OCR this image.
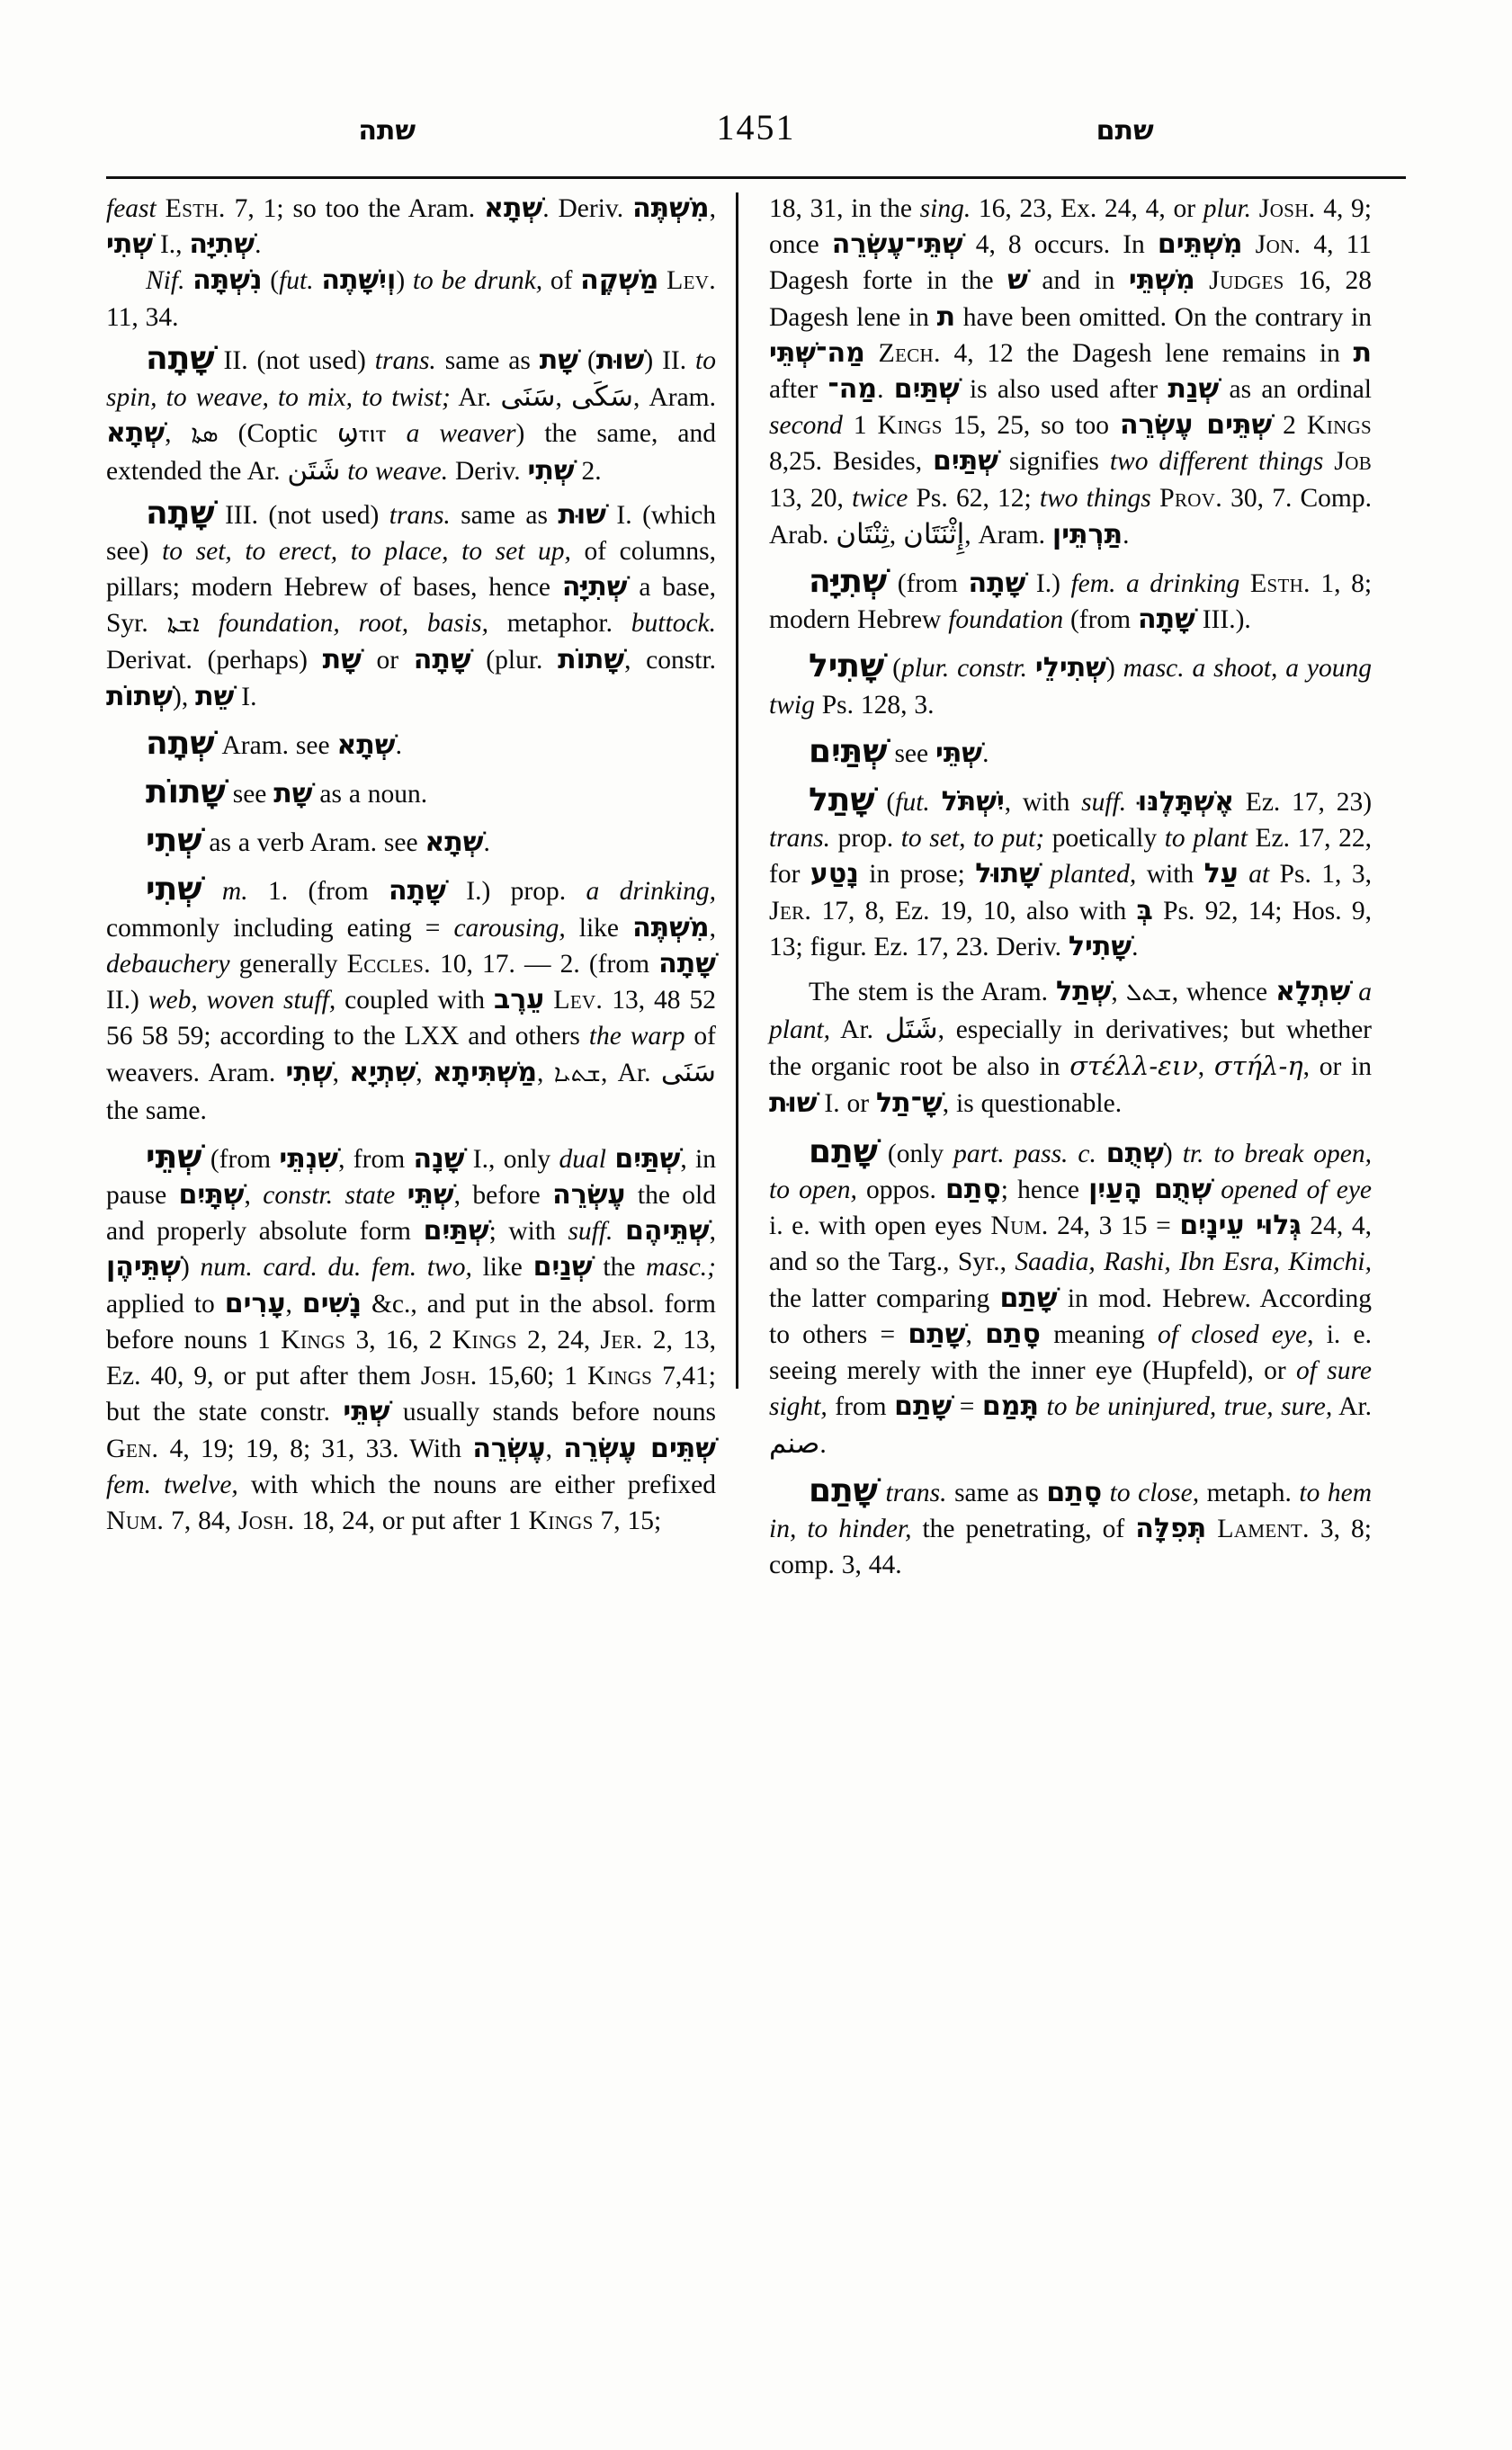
שתה	1451	שתם

feast Esth. 7, 1; so too the Aram. שְׁתָא. Deriv. מִשְׁתֶּה, שְׁתִי I., שְׁתִיָּה.

Nif. נִשְׁתָּה (fut. וְיִשָּׁתֶה) to be drunk, of מַשְׁקֶה Lev. 11, 34.

שָׁתָה II. (not used) trans. same as שָׁת (שׁוּת) II. to spin, to weave, to mix, to twist; Ar. سَنَى, سَكَى, Aram. שְׁתָא, ܣܬܐ (Coptic ϣⲧⲓⲧ a weaver) the same, and extended the Ar. شَتَن to weave. Deriv. שְׁתִי 2.

שָׁתָה III. (not used) trans. same as שׁוּת I. (which see) to set, to erect, to place, to set up, of columns, pillars; modern Hebrew of bases, hence שְׁתִיָּה a base, Syr. ܐܫܬܐ foundation, root, basis, metaphor. buttock. Derivat. (perhaps) שָׁת or שָׁתָה (plur. שָׁתוֹת, constr. שְׁתוֹת), שֵׁת I.

שְׁתָה Aram. see שְׁתָא.

שָׁתוֹת see שָׁת as a noun.

שְׁתִי as a verb Aram. see שְׁתָא.

שְׁתִי m. 1. (from שָׁתָה I.) prop. a drinking, commonly including eating = carousing, like מִשְׁתֶּה, debauchery generally Eccles. 10, 17. — 2. (from שָׁתָה II.) web, woven stuff, coupled with עֵרֶב Lev. 13, 48 52 56 58 59; according to the LXX and others the warp of weavers. Aram. שְׁתִי, שִׁתְיָא, מַשְׁתִּיתָא, ܫܬܝܐ, Ar. سَنَى the same.

שְׁתֵּי (from שִׁנְתֵּי, from שָׁנָה I., only dual שְׁתַּיִם, in pause שְׁתָּיִם, constr. state שְׁתֵּי, before עֶשְׂרֵה the old and properly absolute form שְׁתַּיִם; with suff. שְׁתֵּיהֶם, שְׁתֵּיהֶן) num. card. du. fem. two, like שְׁנַיִם the masc.; applied to עָרִים, נָשִׁים &c., and put in the absol. form before nouns 1 Kings 3, 16, 2 Kings 2, 24, Jer. 2, 13, Ez. 40, 9, or put after them Josh. 15,60; 1 Kings 7,41; but the state constr. שְׁתֵּי usually stands before nouns Gen. 4, 19; 19, 8; 31, 33. With עֶשְׂרֵה, שְׁתֵּים עֶשְׂרֵה fem. twelve, with which the nouns are either prefixed Num. 7, 84, Josh. 18, 24, or put after 1 Kings 7, 15;

18, 31, in the sing. 16, 23, Ex. 24, 4, or plur. Josh. 4, 9; once שְׁתֵּי־עֶשְׂרֵה 4, 8 occurs. In מִשְׁתֵּים Jon. 4, 11 Dagesh forte in the שׁ and in מִשְׁתֵּי Judges 16, 28 Dagesh lene in ת have been omitted. On the contrary in מַה־שְּׁתֵּי Zech. 4, 12 the Dagesh lene remains in ת after מַה־. שְׁתַּיִם is also used after שְׁנַת as an ordinal second 1 Kings 15, 25, so too שְׁתֵּים עֶשְׂרֵה 2 Kings 8,25. Besides, שְׁתַּיִם signifies two different things Job 13, 20, twice Ps. 62, 12; two things Prov. 30, 7. Comp. Arab. ثِنْتَان, إِثْنَتَان, Aram. תַּרְתֵּין.

שְׁתִיָּה (from שָׁתָה I.) fem. a drinking Esth. 1, 8; modern Hebrew foundation (from שָׁתָה III.).

שָׁתִיל (plur. constr. שְׁתִילֵי) masc. a shoot, a young twig Ps. 128, 3.

שְׁתַּיִם see שְׁתֵּי.

שָׁתַל (fut. יִשְׁתֹּל, with suff. אֶשְׁתָּלֶנּוּ Ez. 17, 23) trans. prop. to set, to put; poetically to plant Ez. 17, 22, for נָטַע in prose; שָׁתוּל planted, with עַל at Ps. 1, 3, Jer. 17, 8, Ez. 19, 10, also with בְּ Ps. 92, 14; Hos. 9, 13; figur. Ez. 17, 23. Deriv. שָׁתִיל.

The stem is the Aram. שְׁתַל, ܫܬܠ, whence שִׁתְלָא a plant, Ar. شَتَل, especially in derivatives; but whether the organic root be also in στέλλ-ειν, στήλ-η, or in שׁוּת I. or שָׁ־תַל, is questionable.

שָׁתַם (only part. pass. c. שְׁתֻם) tr. to break open, to open, oppos. סָתַם; hence שְׁתֻם הָעַיִן opened of eye i. e. with open eyes Num. 24, 3 15 = גְּלוּי עֵינָיִם 24, 4, and so the Targ., Syr., Saadia, Rashi, Ibn Esra, Kimchi, the latter comparing שָׁתַם in mod. Hebrew. According to others = שָׁתַם, סָתַם meaning of closed eye, i. e. seeing merely with the inner eye (Hupfeld), or of sure sight, from שָׁתַם = תָּמַם to be uninjured, true, sure, Ar. صنم.

שָׁתַם trans. same as סָתַם to close, metaph. to hem in, to hinder, the penetrating, of תְּפִלָּה Lament. 3, 8; comp. 3, 44.
